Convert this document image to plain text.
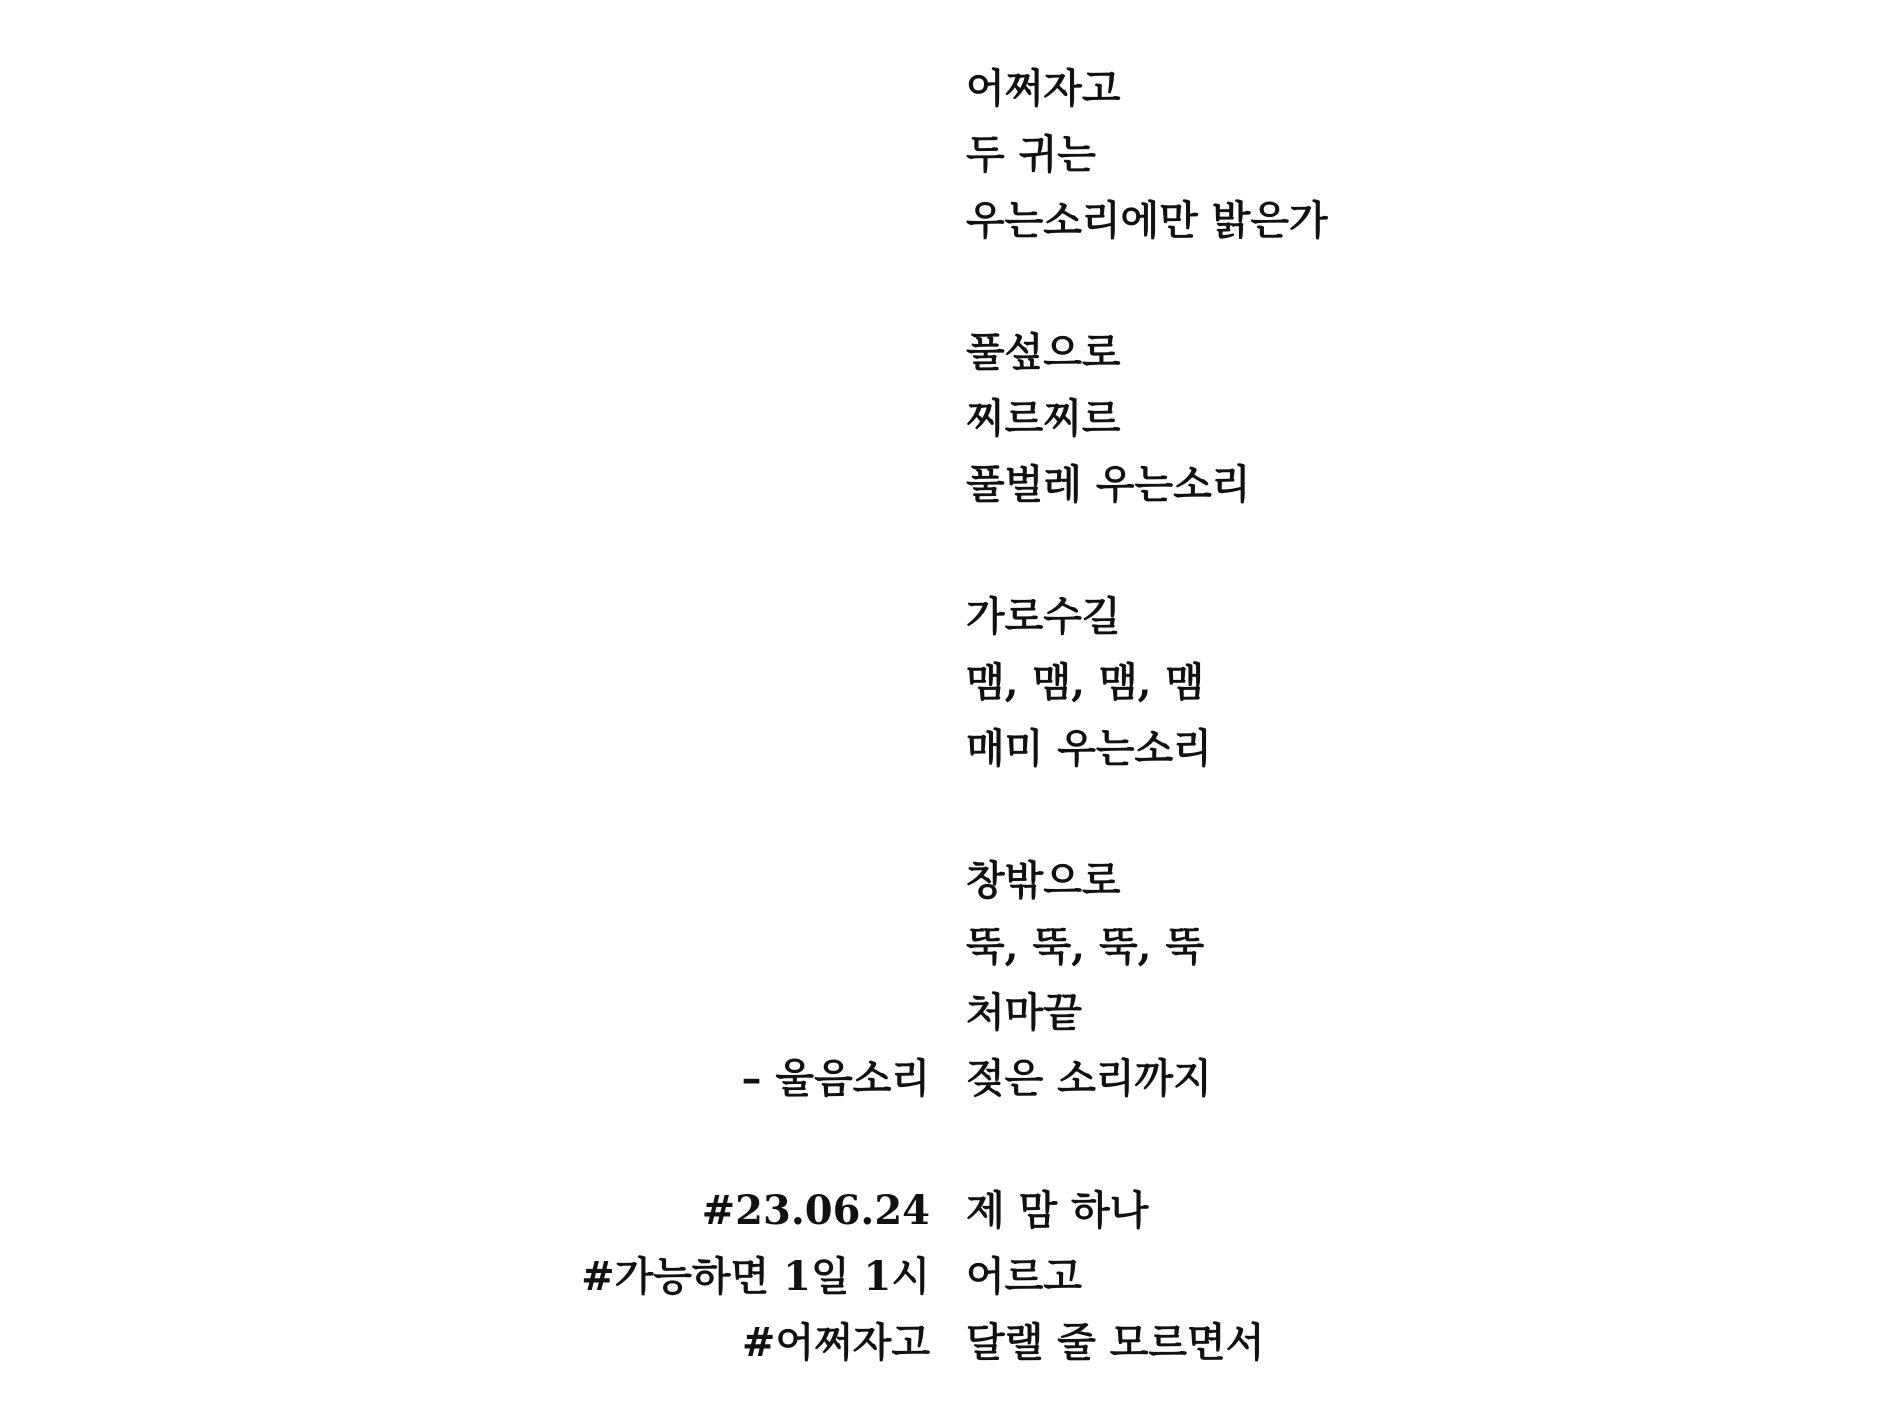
어쩌자고
두 귀는
우는소리에만 밝은가
풀섶으로
찌르찌르
풀벌레 우는소리
가로수길
맴, 맴, 맴, 맴
매미 우는소리
창밖으로
뚝, 뚝, 뚝, 뚝
처마끝
젖은 소리까지
제 맘 하나
어르고
달랠 줄 모르면서
– 울음소리
#23.06.24
#가능하면 1일 1시
#어쩌자고
